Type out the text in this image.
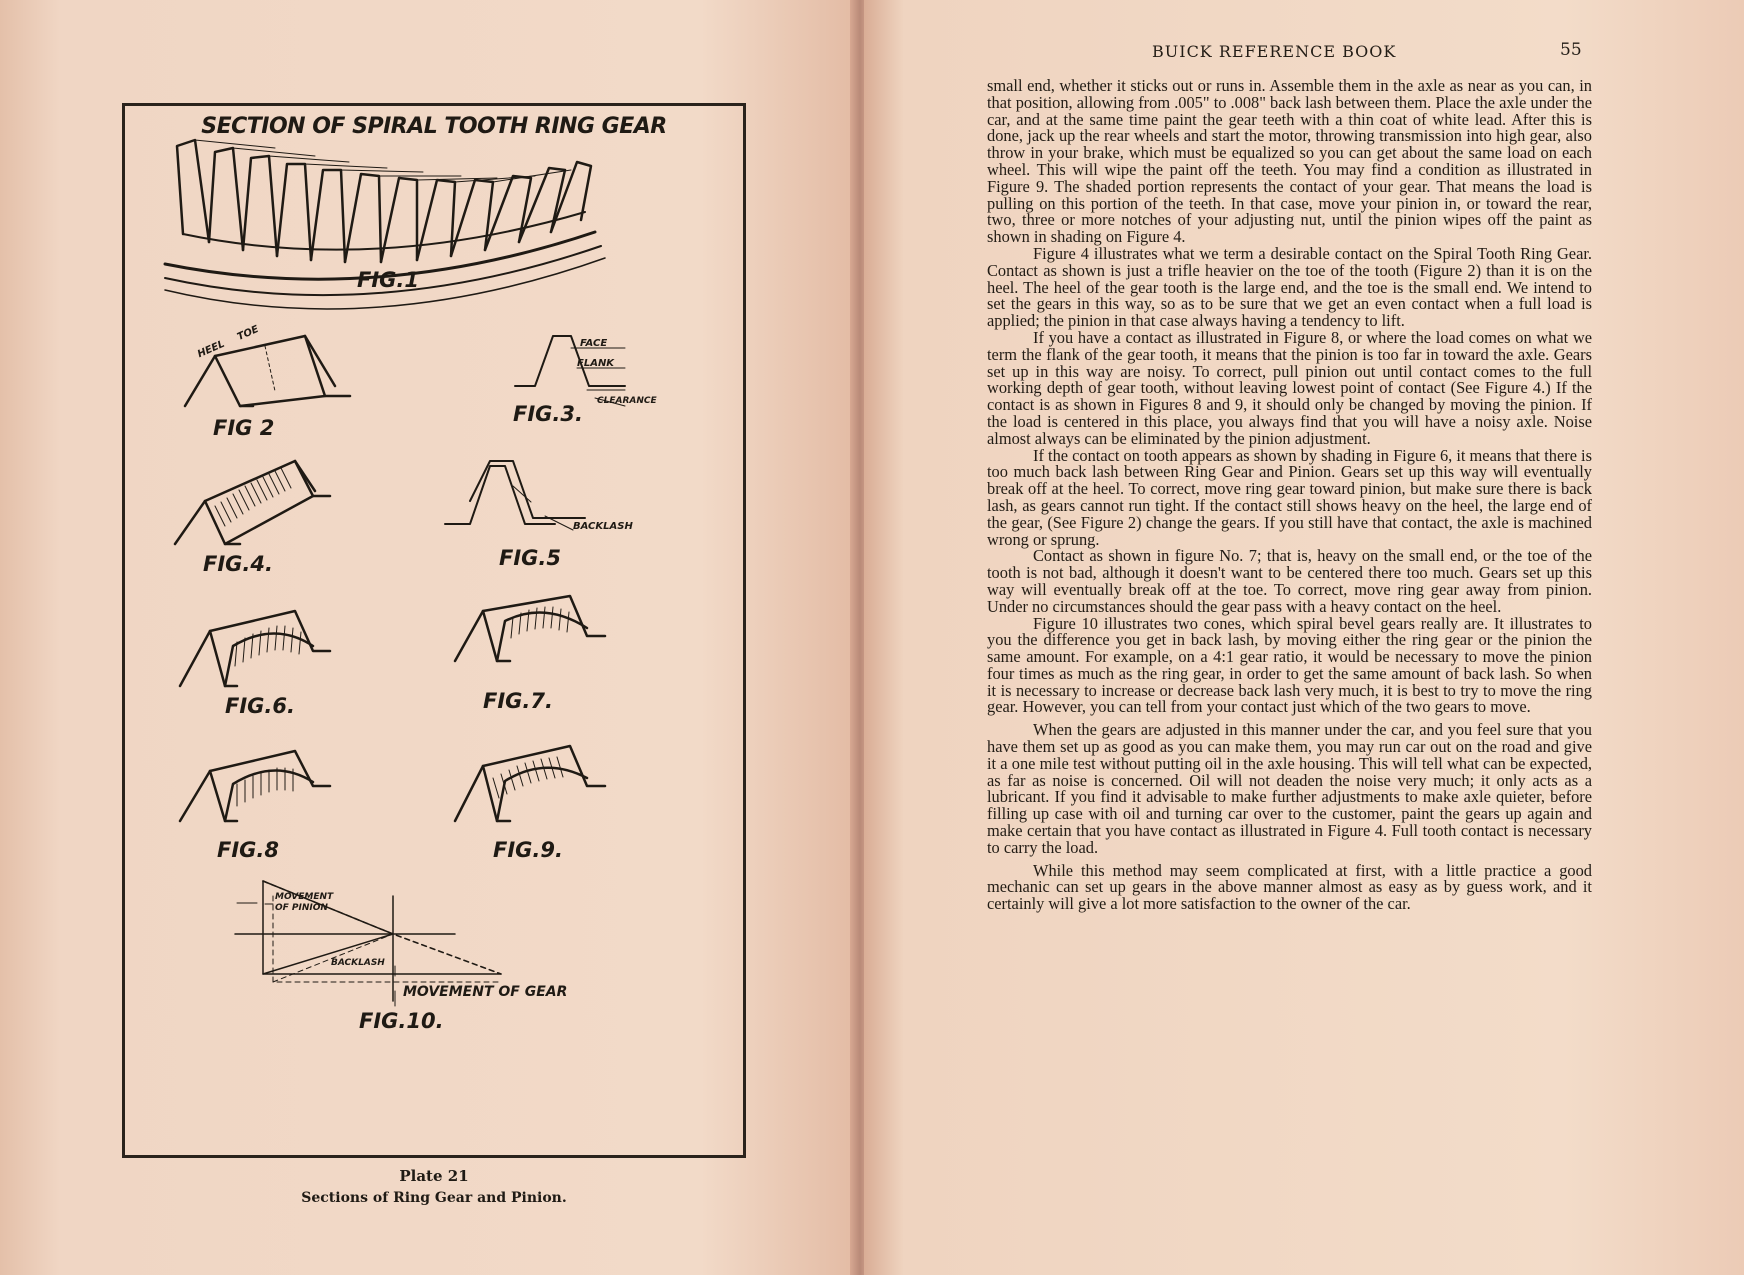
SECTION OF SPIRAL TOOTH RING GEAR
FIG.1
FIG 2
FIG.3.
FIG.4.	FIG.5
FIG.6.	FIG.7.
FIG.8	FIG.9.
FIG.10.
HEEL
TOE
FACE
FLANK
CLEARANCE
BACKLASH
MOVEMENT
OF PINION
BACKLASH
MOVEMENT OF GEAR
Plate 21
Sections of Ring Gear and Pinion.
BUICK REFERENCE BOOK	55

small end, whether it sticks out or runs in. Assemble them in the axle as near as you can, in that position, allowing from .005" to .008" back lash between them. Place the axle under the car, and at the same time paint the gear teeth with a thin coat of white lead. After this is done, jack up the rear wheels and start the motor, throwing transmission into high gear, also throw in your brake, which must be equalized so you can get about the same load on each wheel. This will wipe the paint off the teeth. You may find a condition as illustrated in Figure 9. The shaded portion represents the contact of your gear. That means the load is pulling on this portion of the teeth. In that case, move your pinion in, or toward the rear, two, three or more notches of your adjusting nut, until the pinion wipes off the paint as shown in shading on Figure 4.

Figure 4 illustrates what we term a desirable contact on the Spiral Tooth Ring Gear. Contact as shown is just a trifle heavier on the toe of the tooth (Figure 2) than it is on the heel. The heel of the gear tooth is the large end, and the toe is the small end. We intend to set the gears in this way, so as to be sure that we get an even contact when a full load is applied; the pinion in that case always having a tendency to lift.

If you have a contact as illustrated in Figure 8, or where the load comes on what we term the flank of the gear tooth, it means that the pinion is too far in toward the axle. Gears set up in this way are noisy. To correct, pull pinion out until contact comes to the full working depth of gear tooth, without leaving lowest point of contact (See Figure 4.) If the contact is as shown in Figures 8 and 9, it should only be changed by moving the pinion. If the load is centered in this place, you always find that you will have a noisy axle. Noise almost always can be eliminated by the pinion adjustment.

If the contact on tooth appears as shown by shading in Figure 6, it means that there is too much back lash between Ring Gear and Pinion. Gears set up this way will eventually break off at the heel. To correct, move ring gear toward pinion, but make sure there is back lash, as gears cannot run tight. If the contact still shows heavy on the heel, the large end of the gear, (See Figure 2) change the gears. If you still have that contact, the axle is machined wrong or sprung.

Contact as shown in figure No. 7; that is, heavy on the small end, or the toe of the tooth is not bad, although it doesn't want to be centered there too much. Gears set up this way will eventually break off at the toe. To correct, move ring gear away from pinion. Under no circumstances should the gear pass with a heavy contact on the heel.

Figure 10 illustrates two cones, which spiral bevel gears really are. It illustrates to you the difference you get in back lash, by moving either the ring gear or the pinion the same amount. For example, on a 4:1 gear ratio, it would be necessary to move the pinion four times as much as the ring gear, in order to get the same amount of back lash. So when it is necessary to increase or decrease back lash very much, it is best to try to move the ring gear. However, you can tell from your contact just which of the two gears to move.

When the gears are adjusted in this manner under the car, and you feel sure that you have them set up as good as you can make them, you may run car out on the road and give it a one mile test without putting oil in the axle housing. This will tell what can be expected, as far as noise is concerned. Oil will not deaden the noise very much; it only acts as a lubricant. If you find it advisable to make further adjustments to make axle quieter, before filling up case with oil and turning car over to the customer, paint the gears up again and make certain that you have contact as illustrated in Figure 4. Full tooth contact is necessary to carry the load.

While this method may seem complicated at first, with a little practice a good mechanic can set up gears in the above manner almost as easy as by guess work, and it certainly will give a lot more satisfaction to the owner of the car.
